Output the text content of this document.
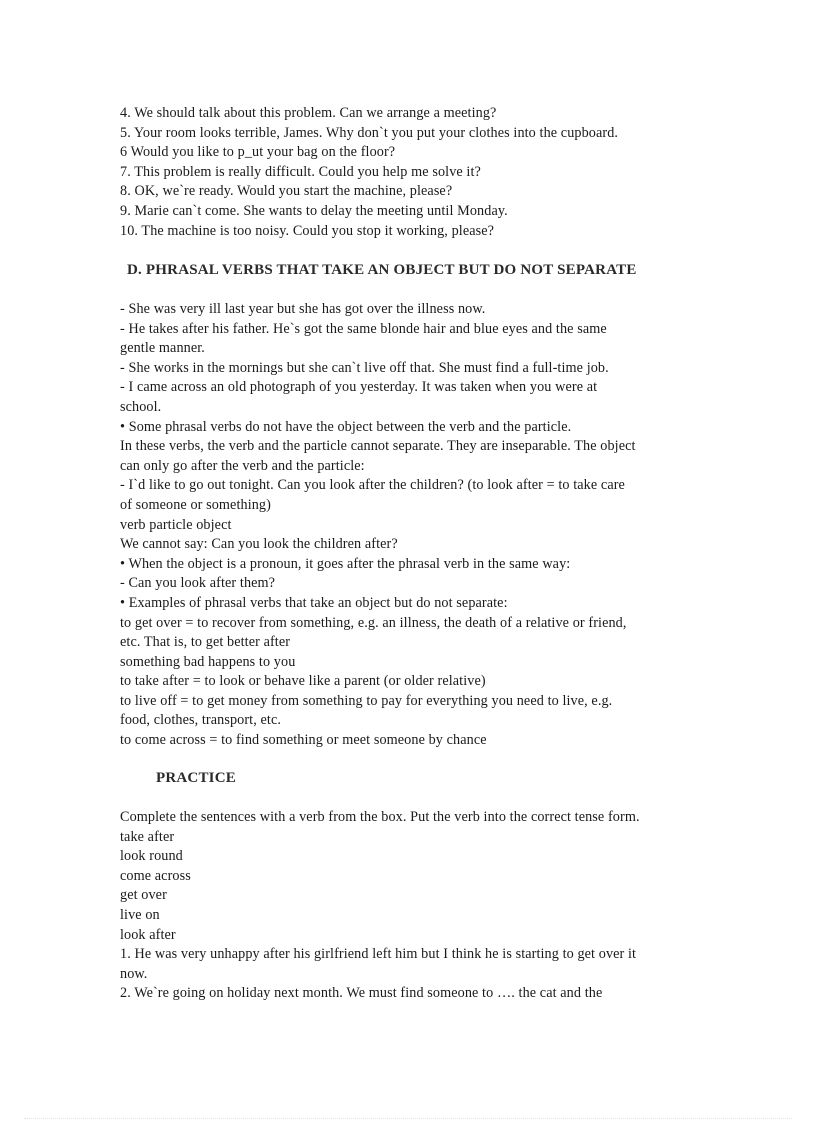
4. We should talk about this problem. Can we arrange a meeting?
5. Your room looks terrible, James. Why don`t you put your clothes into the cupboard.
6 Would you like to p_ut your bag on the floor?
7. This problem is really difficult. Could you help me solve it?
8. OK, we`re ready. Would you start the machine, please?
9. Marie can`t come. She wants to delay the meeting until Monday.
10. The machine is too noisy. Could you stop it working, please?
D. PHRASAL VERBS THAT TAKE AN OBJECT BUT DO NOT SEPARATE
- She was very ill last year but she has got over the illness now.
- He takes after his father. He`s got the same blonde hair and blue eyes and the same
gentle manner.
- She works in the mornings but she can`t live off that. She must find a full-time job.
- I came across an old photograph of you yesterday. It was taken when you were at
school.
• Some phrasal verbs do not have the object between the verb and the particle.
In these verbs, the verb and the particle cannot separate. They are inseparable. The object
can only go after the verb and the particle:
- I`d like to go out tonight. Can you look after the children? (to look after = to take care
of someone or something)
verb particle object
We cannot say: Can you look the children after?
• When the object is a pronoun, it goes after the phrasal verb in the same way:
- Can you look after them?
• Examples of phrasal verbs that take an object but do not separate:
to get over = to recover from something, e.g. an illness, the death of a relative or friend,
etc. That is, to get better after
something bad happens to you
to take after = to look or behave like a parent (or older relative)
to live off = to get money from something to pay for everything you need to live, e.g.
food, clothes, transport, etc.
to come across = to find something or meet someone by chance
PRACTICE
Complete the sentences with a verb from the box. Put the verb into the correct tense form.
take after
look round
come across
get over
live on
look after
1. He was very unhappy after his girlfriend left him but I think he is starting to get over it
now.
2. We`re going on holiday next month. We must find someone to …. the cat and the
